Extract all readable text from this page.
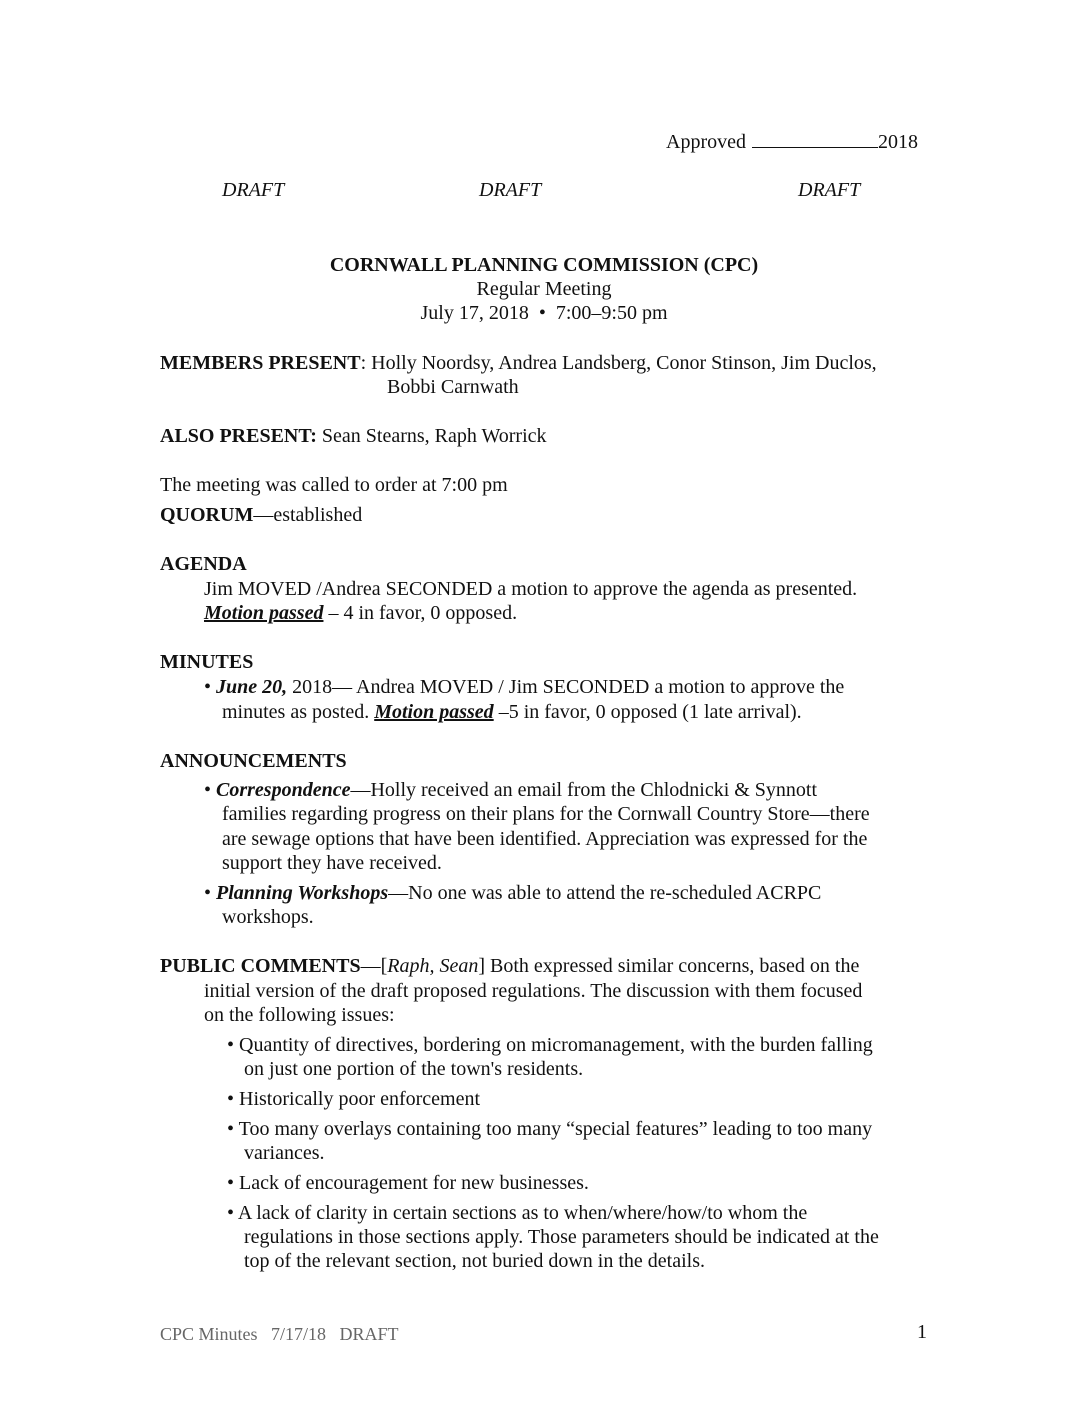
Approved	2018

DRAFT	DRAFT	DRAFT

CORNWALL PLANNING COMMISSION (CPC)

Regular Meeting

July 17, 2018  •  7:00–9:50 pm

MEMBERS PRESENT: Holly Noordsy, Andrea Landsberg, Conor Stinson, Jim Duclos,

Bobbi Carnwath

ALSO PRESENT: Sean Stearns, Raph Worrick

The meeting was called to order at 7:00 pm

QUORUM—established

AGENDA

Jim MOVED /Andrea SECONDED a motion to approve the agenda as presented.

Motion passed – 4 in favor, 0 opposed.

MINUTES

• June 20, 2018— Andrea MOVED / Jim SECONDED a motion to approve the

minutes as posted. Motion passed –5 in favor, 0 opposed (1 late arrival).

ANNOUNCEMENTS

• Correspondence—Holly received an email from the Chlodnicki & Synnott

families regarding progress on their plans for the Cornwall Country Store—there

are sewage options that have been identified. Appreciation was expressed for the

support they have received.

• Planning Workshops—No one was able to attend the re-scheduled ACRPC

workshops.

PUBLIC COMMENTS—[Raph, Sean] Both expressed similar concerns, based on the

initial version of the draft proposed regulations. The discussion with them focused

on the following issues:

• Quantity of directives, bordering on micromanagement, with the burden falling

on just one portion of the town's residents.

• Historically poor enforcement

• Too many overlays containing too many “special features” leading to too many

variances.

• Lack of encouragement for new businesses.

• A lack of clarity in certain sections as to when/where/how/to whom the

regulations in those sections apply. Those parameters should be indicated at the

top of the relevant section, not buried down in the details.

CPC Minutes   7/17/18   DRAFT	1
